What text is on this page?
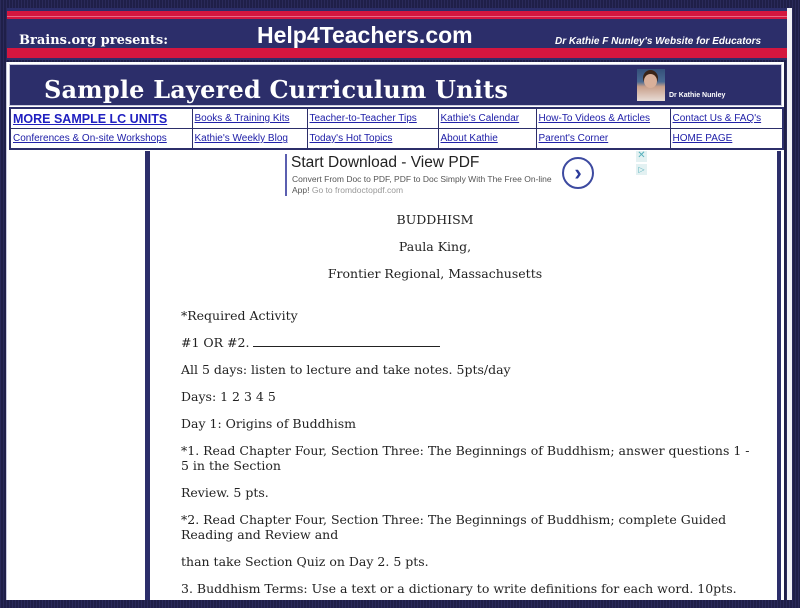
Brains.org presents:	Help4Teachers.com	Dr Kathie F Nunley's Website for Educators
Sample Layered Curriculum Units	Dr Kathie Nunley
MORE SAMPLE LC UNITS	Books & Training Kits	Teacher-to-Teacher Tips	Kathie's Calendar	How-To Videos & Articles	Contact Us & FAQ's
Conferences & On-site Workshops	Kathie's Weekly Blog	Today's Hot Topics	About Kathie	Parent's Corner	HOME PAGE
Start Download - View PDF
Convert From Doc to PDF, PDF to Doc Simply With The Free On-line App! Go to fromdoctopdf.com
›
✕
▷

BUDDHISM

Paula King,

Frontier Regional, Massachusetts

*Required Activity

#1 OR #2.

All 5 days: listen to lecture and take notes. 5pts/day

Days: 1 2 3 4 5

Day 1: Origins of Buddhism

*1. Read Chapter Four, Section Three: The Beginnings of Buddhism; answer questions 1 - 5 in the Section

Review. 5 pts.

*2. Read Chapter Four, Section Three: The Beginnings of Buddhism; complete Guided Reading and Review and

than take Section Quiz on Day 2. 5 pts.

3. Buddhism Terms: Use a text or a dictionary to write definitions for each word. 10pts.
